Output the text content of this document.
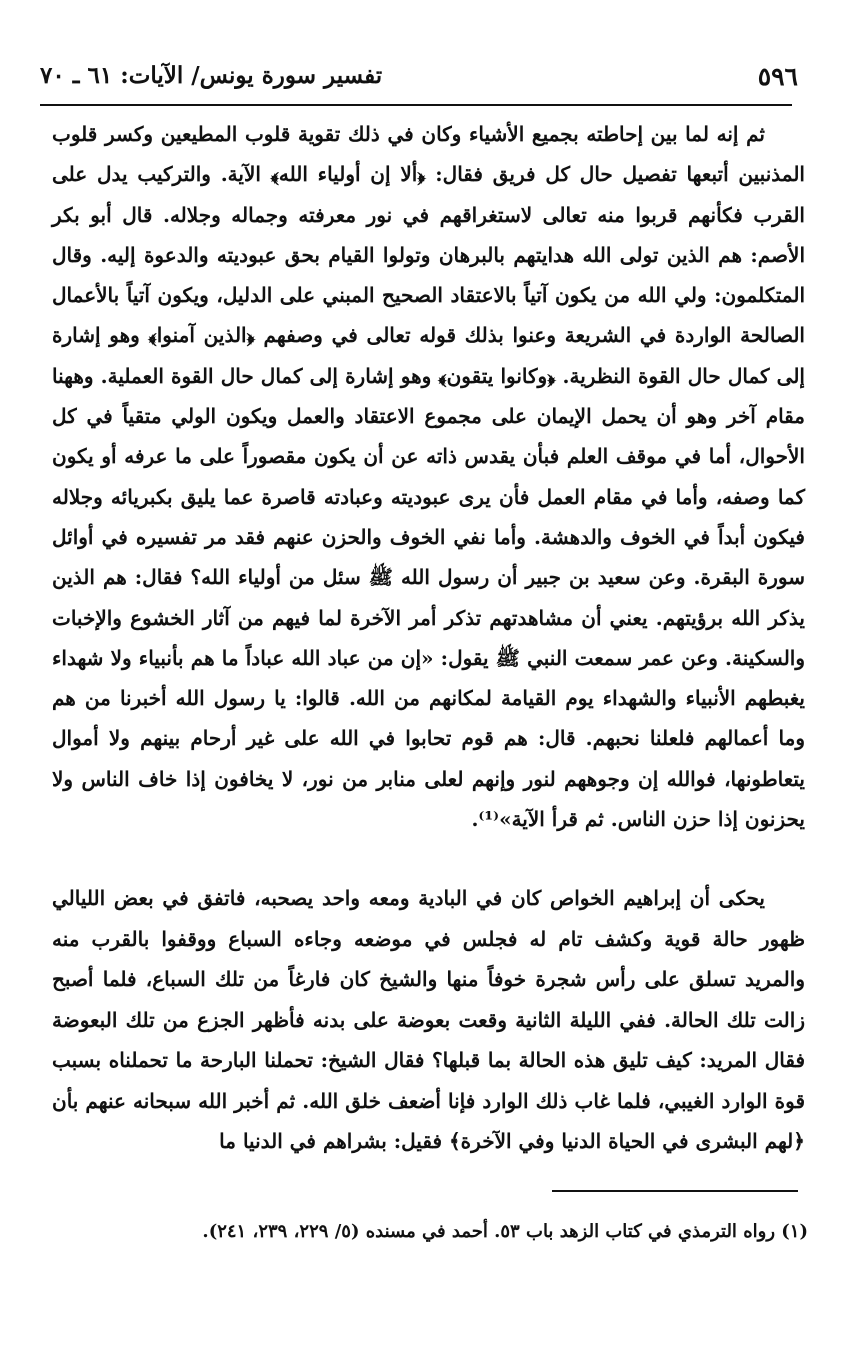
٥٩٦
تفسير سورة يونس/ الآيات: ٦١ ـ ٧٠

ثم إنه لما بين إحاطته بجميع الأشياء وكان في ذلك تقوية قلوب المطيعين وكسر قلوب المذنبين أتبعها تفصيل حال كل فريق فقال: ﴿ألا إن أولياء الله﴾ الآية. والتركيب يدل على القرب فكأنهم قربوا منه تعالى لاستغراقهم في نور معرفته وجماله وجلاله. قال أبو بكر الأصم: هم الذين تولى الله هدايتهم بالبرهان وتولوا القيام بحق عبوديته والدعوة إليه. وقال المتكلمون: ولي الله من يكون آتياً بالاعتقاد الصحيح المبني على الدليل، ويكون آتياً بالأعمال الصالحة الواردة في الشريعة وعنوا بذلك قوله تعالى في وصفهم ﴿الذين آمنوا﴾ وهو إشارة إلى كمال حال القوة النظرية. ﴿وكانوا يتقون﴾ وهو إشارة إلى كمال حال القوة العملية. وههنا مقام آخر وهو أن يحمل الإيمان على مجموع الاعتقاد والعمل ويكون الولي متقياً في كل الأحوال، أما في موقف العلم فبأن يقدس ذاته عن أن يكون مقصوراً على ما عرفه أو يكون كما وصفه، وأما في مقام العمل فأن يرى عبوديته وعبادته قاصرة عما يليق بكبريائه وجلاله فيكون أبداً في الخوف والدهشة. وأما نفي الخوف والحزن عنهم فقد مر تفسيره في أوائل سورة البقرة. وعن سعيد بن جبير أن رسول الله ﷺ سئل من أولياء الله؟ فقال: هم الذين يذكر الله برؤيتهم. يعني أن مشاهدتهم تذكر أمر الآخرة لما فيهم من آثار الخشوع والإخبات والسكينة. وعن عمر سمعت النبي ﷺ يقول: «إن من عباد الله عباداً ما هم بأنبياء ولا شهداء يغبطهم الأنبياء والشهداء يوم القيامة لمكانهم من الله. قالوا: يا رسول الله أخبرنا من هم وما أعمالهم فلعلنا نحبهم. قال: هم قوم تحابوا في الله على غير أرحام بينهم ولا أموال يتعاطونها، فوالله إن وجوههم لنور وإنهم لعلى منابر من نور، لا يخافون إذا خاف الناس ولا يحزنون إذا حزن الناس. ثم قرأ الآية»⁽¹⁾.

يحكى أن إبراهيم الخواص كان في البادية ومعه واحد يصحبه، فاتفق في بعض الليالي ظهور حالة قوية وكشف تام له فجلس في موضعه وجاءه السباع ووقفوا بالقرب منه والمريد تسلق على رأس شجرة خوفاً منها والشيخ كان فارغاً من تلك السباع، فلما أصبح زالت تلك الحالة. ففي الليلة الثانية وقعت بعوضة على بدنه فأظهر الجزع من تلك البعوضة فقال المريد: كيف تليق هذه الحالة بما قبلها؟ فقال الشيخ: تحملنا البارحة ما تحملناه بسبب قوة الوارد الغيبي، فلما غاب ذلك الوارد فإنا أضعف خلق الله. ثم أخبر الله سبحانه عنهم بأن ﴿لهم البشرى في الحياة الدنيا وفي الآخرة﴾ فقيل: بشراهم في الدنيا ما

(١) رواه الترمذي في كتاب الزهد باب ٥٣. أحمد في مسنده (٥/ ٢٢٩، ٢٣٩، ٢٤١).
